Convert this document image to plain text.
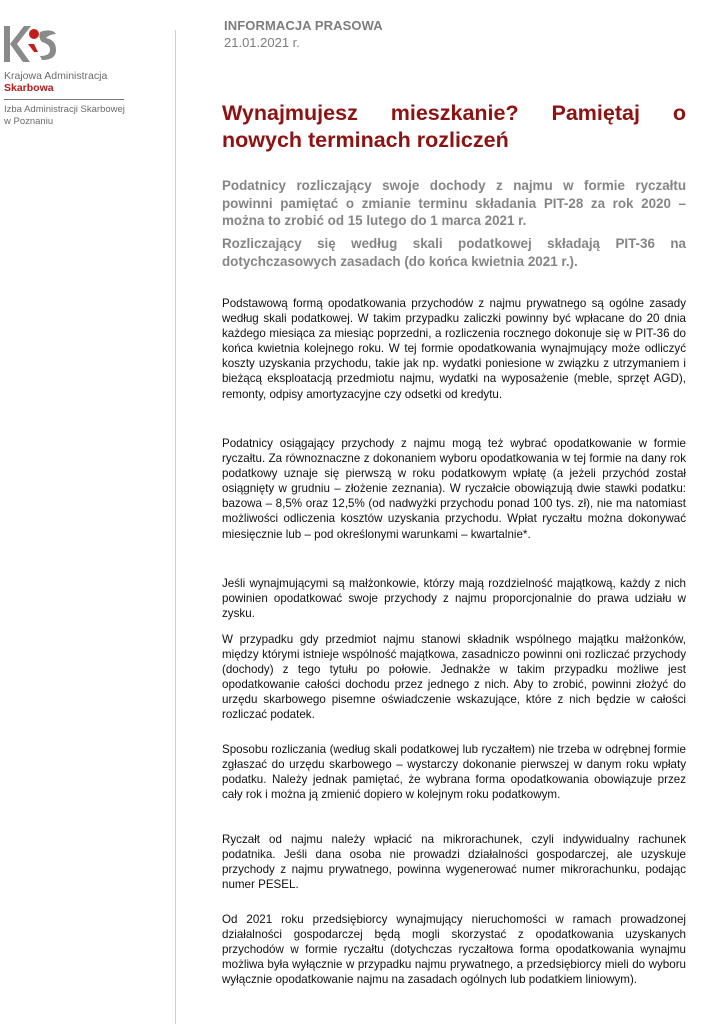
Krajowa Administracja
Skarbowa
Izba Administracji Skarbowej w Poznaniu
INFORMACJA PRASOWA
21.01.2021 r.
Wynajmujesz mieszkanie? Pamiętaj o nowych terminach rozliczeń

Podatnicy rozliczający swoje dochody z najmu w formie ryczałtu powinni pamiętać o zmianie terminu składania PIT-28 za rok 2020 – można to zrobić od 15 lutego do 1 marca 2021 r.

Rozliczający się według skali podatkowej składają PIT-36 na dotychczasowych zasadach (do końca kwietnia 2021 r.).

Podstawową formą opodatkowania przychodów z najmu prywatnego są ogólne zasady według skali podatkowej. W takim przypadku zaliczki powinny być wpłacane do 20 dnia każdego miesiąca za miesiąc poprzedni, a rozliczenia rocznego dokonuje się w PIT-36 do końca kwietnia kolejnego roku. W tej formie opodatkowania wynajmujący może odliczyć koszty uzyskania przychodu, takie jak np. wydatki poniesione w związku z utrzymaniem i bieżącą eksploatacją przedmiotu najmu, wydatki na wyposażenie (meble, sprzęt AGD), remonty, odpisy amortyzacyjne czy odsetki od kredytu.

Podatnicy osiągający przychody z najmu mogą też wybrać opodatkowanie w formie ryczałtu. Za równoznaczne z dokonaniem wyboru opodatkowania w tej formie na dany rok podatkowy uznaje się pierwszą w roku podatkowym wpłatę (a jeżeli przychód został osiągnięty w grudniu – złożenie zeznania). W ryczałcie obowiązują dwie stawki podatku: bazowa – 8,5% oraz 12,5% (od nadwyżki przychodu ponad 100 tys. zł), nie ma natomiast możliwości odliczenia kosztów uzyskania przychodu. Wpłat ryczałtu można dokonywać miesięcznie lub – pod określonymi warunkami – kwartalnie*.

Jeśli wynajmującymi są małżonkowie, którzy mają rozdzielność majątkową, każdy z nich powinien opodatkować swoje przychody z najmu proporcjonalnie do prawa udziału w zysku.

W przypadku gdy przedmiot najmu stanowi składnik wspólnego majątku małżonków, między którymi istnieje wspólność majątkowa, zasadniczo powinni oni rozliczać przychody (dochody) z tego tytułu po połowie. Jednakże w takim przypadku możliwe jest opodatkowanie całości dochodu przez jednego z nich. Aby to zrobić, powinni złożyć do urzędu skarbowego pisemne oświadczenie wskazujące, które z nich będzie w całości rozliczać podatek.

Sposobu rozliczania (według skali podatkowej lub ryczałtem) nie trzeba w odrębnej formie zgłaszać do urzędu skarbowego – wystarczy dokonanie pierwszej w danym roku wpłaty podatku. Należy jednak pamiętać, że wybrana forma opodatkowania obowiązuje przez cały rok i można ją zmienić dopiero w kolejnym roku podatkowym.

Ryczałt od najmu należy wpłacić na mikrorachunek, czyli indywidualny rachunek podatnika. Jeśli dana osoba nie prowadzi działalności gospodarczej, ale uzyskuje przychody z najmu prywatnego, powinna wygenerować numer mikrorachunku, podając numer PESEL.

Od 2021 roku przedsiębiorcy wynajmujący nieruchomości w ramach prowadzonej działalności gospodarczej będą mogli skorzystać z opodatkowania uzyskanych przychodów w formie ryczałtu (dotychczas ryczałtowa forma opodatkowania wynajmu możliwa była wyłącznie w przypadku najmu prywatnego, a przedsiębiorcy mieli do wyboru wyłącznie opodatkowanie najmu na zasadach ogólnych lub podatkiem liniowym).
